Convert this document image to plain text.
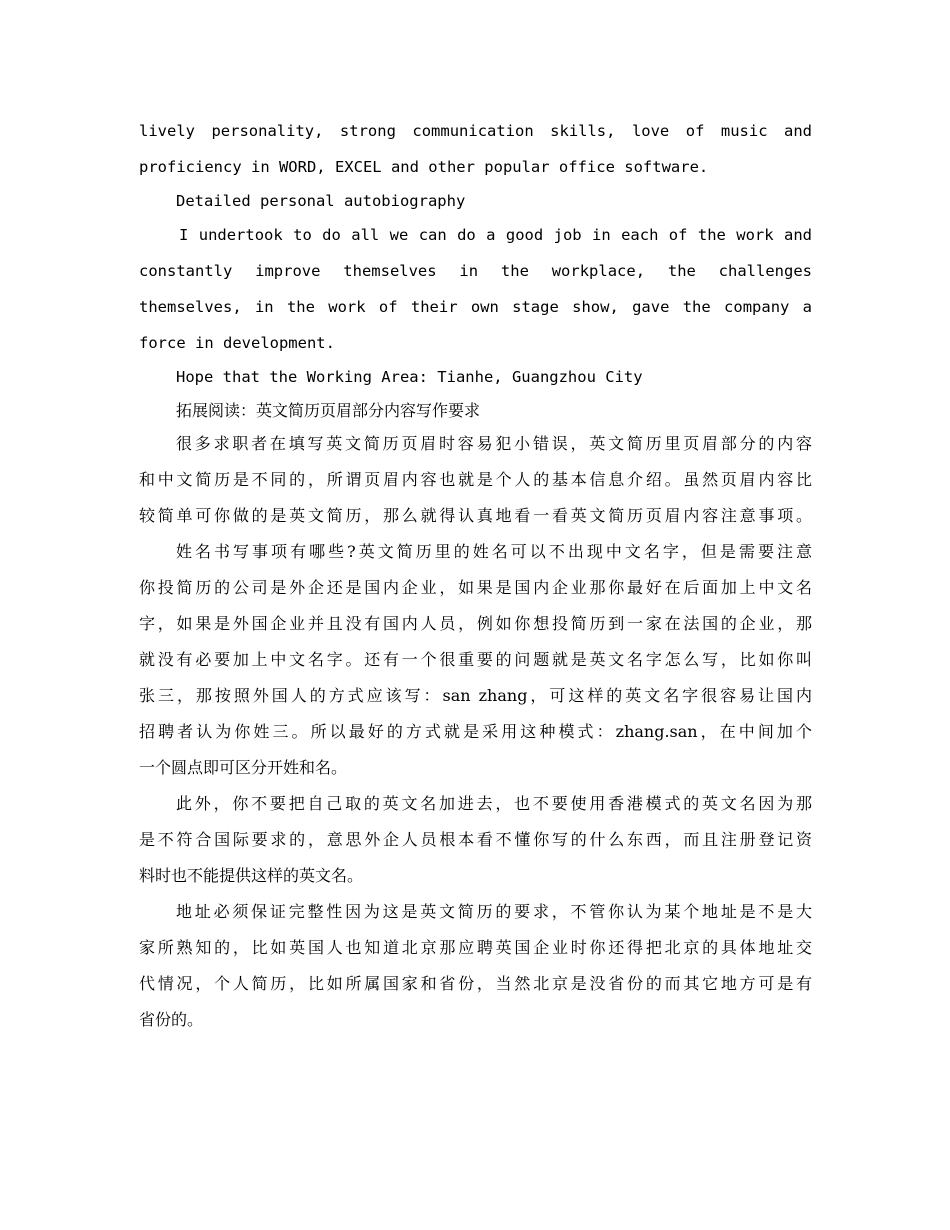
lively personality, strong communication skills, love of music and
proficiency in WORD, EXCEL and other popular office software.
Detailed personal autobiography
I undertook to do all we can do a good job in each of the work and
constantly improve themselves in the workplace, the challenges
themselves, in the work of their own stage show, gave the company a
force in development.
Hope that the Working Area: Tianhe, Guangzhou City
拓展阅读：英文简历页眉部分内容写作要求
很多求职者在填写英文简历页眉时容易犯小错误，英文简历里页眉部分的内容
和中文简历是不同的，所谓页眉内容也就是个人的基本信息介绍。虽然页眉内容比
较简单可你做的是英文简历，那么就得认真地看一看英文简历页眉内容注意事项。
姓名书写事项有哪些?英文简历里的姓名可以不出现中文名字，但是需要注意
你投简历的公司是外企还是国内企业，如果是国内企业那你最好在后面加上中文名
字，如果是外国企业并且没有国内人员，例如你想投简历到一家在法国的企业，那
就没有必要加上中文名字。还有一个很重要的问题就是英文名字怎么写，比如你叫
张三，那按照外国人的方式应该写：san zhang，可这样的英文名字很容易让国内
招聘者认为你姓三。所以最好的方式就是采用这种模式：zhang.san，在中间加个
一个圆点即可区分开姓和名。
此外，你不要把自己取的英文名加进去，也不要使用香港模式的英文名因为那
是不符合国际要求的，意思外企人员根本看不懂你写的什么东西，而且注册登记资
料时也不能提供这样的英文名。
地址必须保证完整性因为这是英文简历的要求，不管你认为某个地址是不是大
家所熟知的，比如英国人也知道北京那应聘英国企业时你还得把北京的具体地址交
代情况，个人简历，比如所属国家和省份，当然北京是没省份的而其它地方可是有
省份的。
